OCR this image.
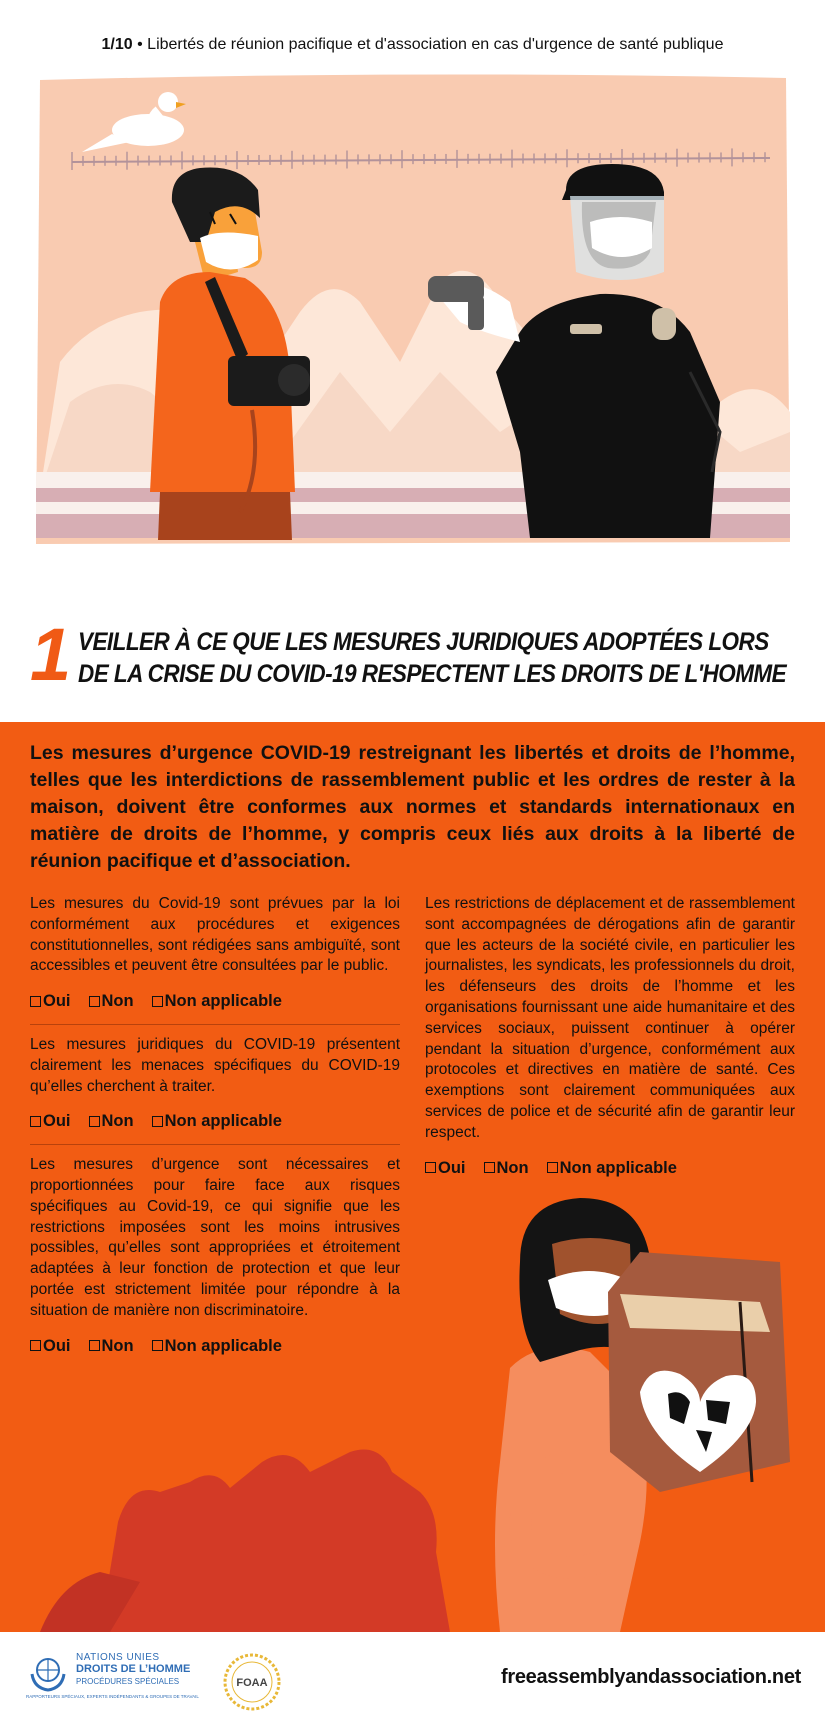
1/10 • Libertés de réunion pacifique et d'association en cas d'urgence de santé publique
1 VEILLER À CE QUE LES MESURES JURIDIQUES ADOPTÉES LORS
DE LA CRISE DU COVID-19 RESPECTENT LES DROITS DE L'HOMME

Les mesures d’urgence COVID-19 restreignant les libertés et droits de l’homme, telles que les interdictions de rassemblement public et les ordres de rester à la maison, doivent être conformes aux normes et standards internationaux en matière de droits de l’homme, y compris ceux liés aux droits à la liberté de réunion pacifique et d’association.

Les mesures du Covid-19 sont prévues par la loi conformément aux procédures et exigences constitutionnelles, sont rédigées sans ambiguïté, sont accessibles et peuvent être consultées par le public.

Oui Non Non applicable

Les mesures juridiques du COVID-19 présentent clairement les menaces spécifiques du COVID-19 qu’elles cherchent à traiter.

Oui Non Non applicable

Les mesures d’urgence sont nécessaires et proportionnées pour faire face aux risques spécifiques au Covid-19, ce qui signifie que les restrictions imposées sont les moins intrusives possibles, qu’elles sont appropriées et étroitement adaptées à leur fonction de protection et que leur portée est strictement limitée pour répondre à la situation de manière non discriminatoire.

Oui Non Non applicable

Les restrictions de déplacement et de rassemblement sont accompagnées de dérogations afin de garantir que les acteurs de la société civile, en particulier les journalistes, les syndicats, les professionnels du droit, les défenseurs des droits de l’homme et les organisations fournissant une aide humanitaire et des services sociaux, puissent continuer à opérer pendant la situation d’urgence, conformément aux protocoles et directives en matière de santé. Ces exemptions sont clairement communiquées aux services de police et de sécurité afin de garantir leur respect.

Oui Non Non applicable
NATIONS UNIES
DROITS DE L’HOMME
PROCÉDURES SPÉCIALES
RAPPORTEURS SPÉCIAUX, EXPERTS INDÉPENDANTS & GROUPES DE TRAVAIL
FOAA	freeassemblyandassociation.net
